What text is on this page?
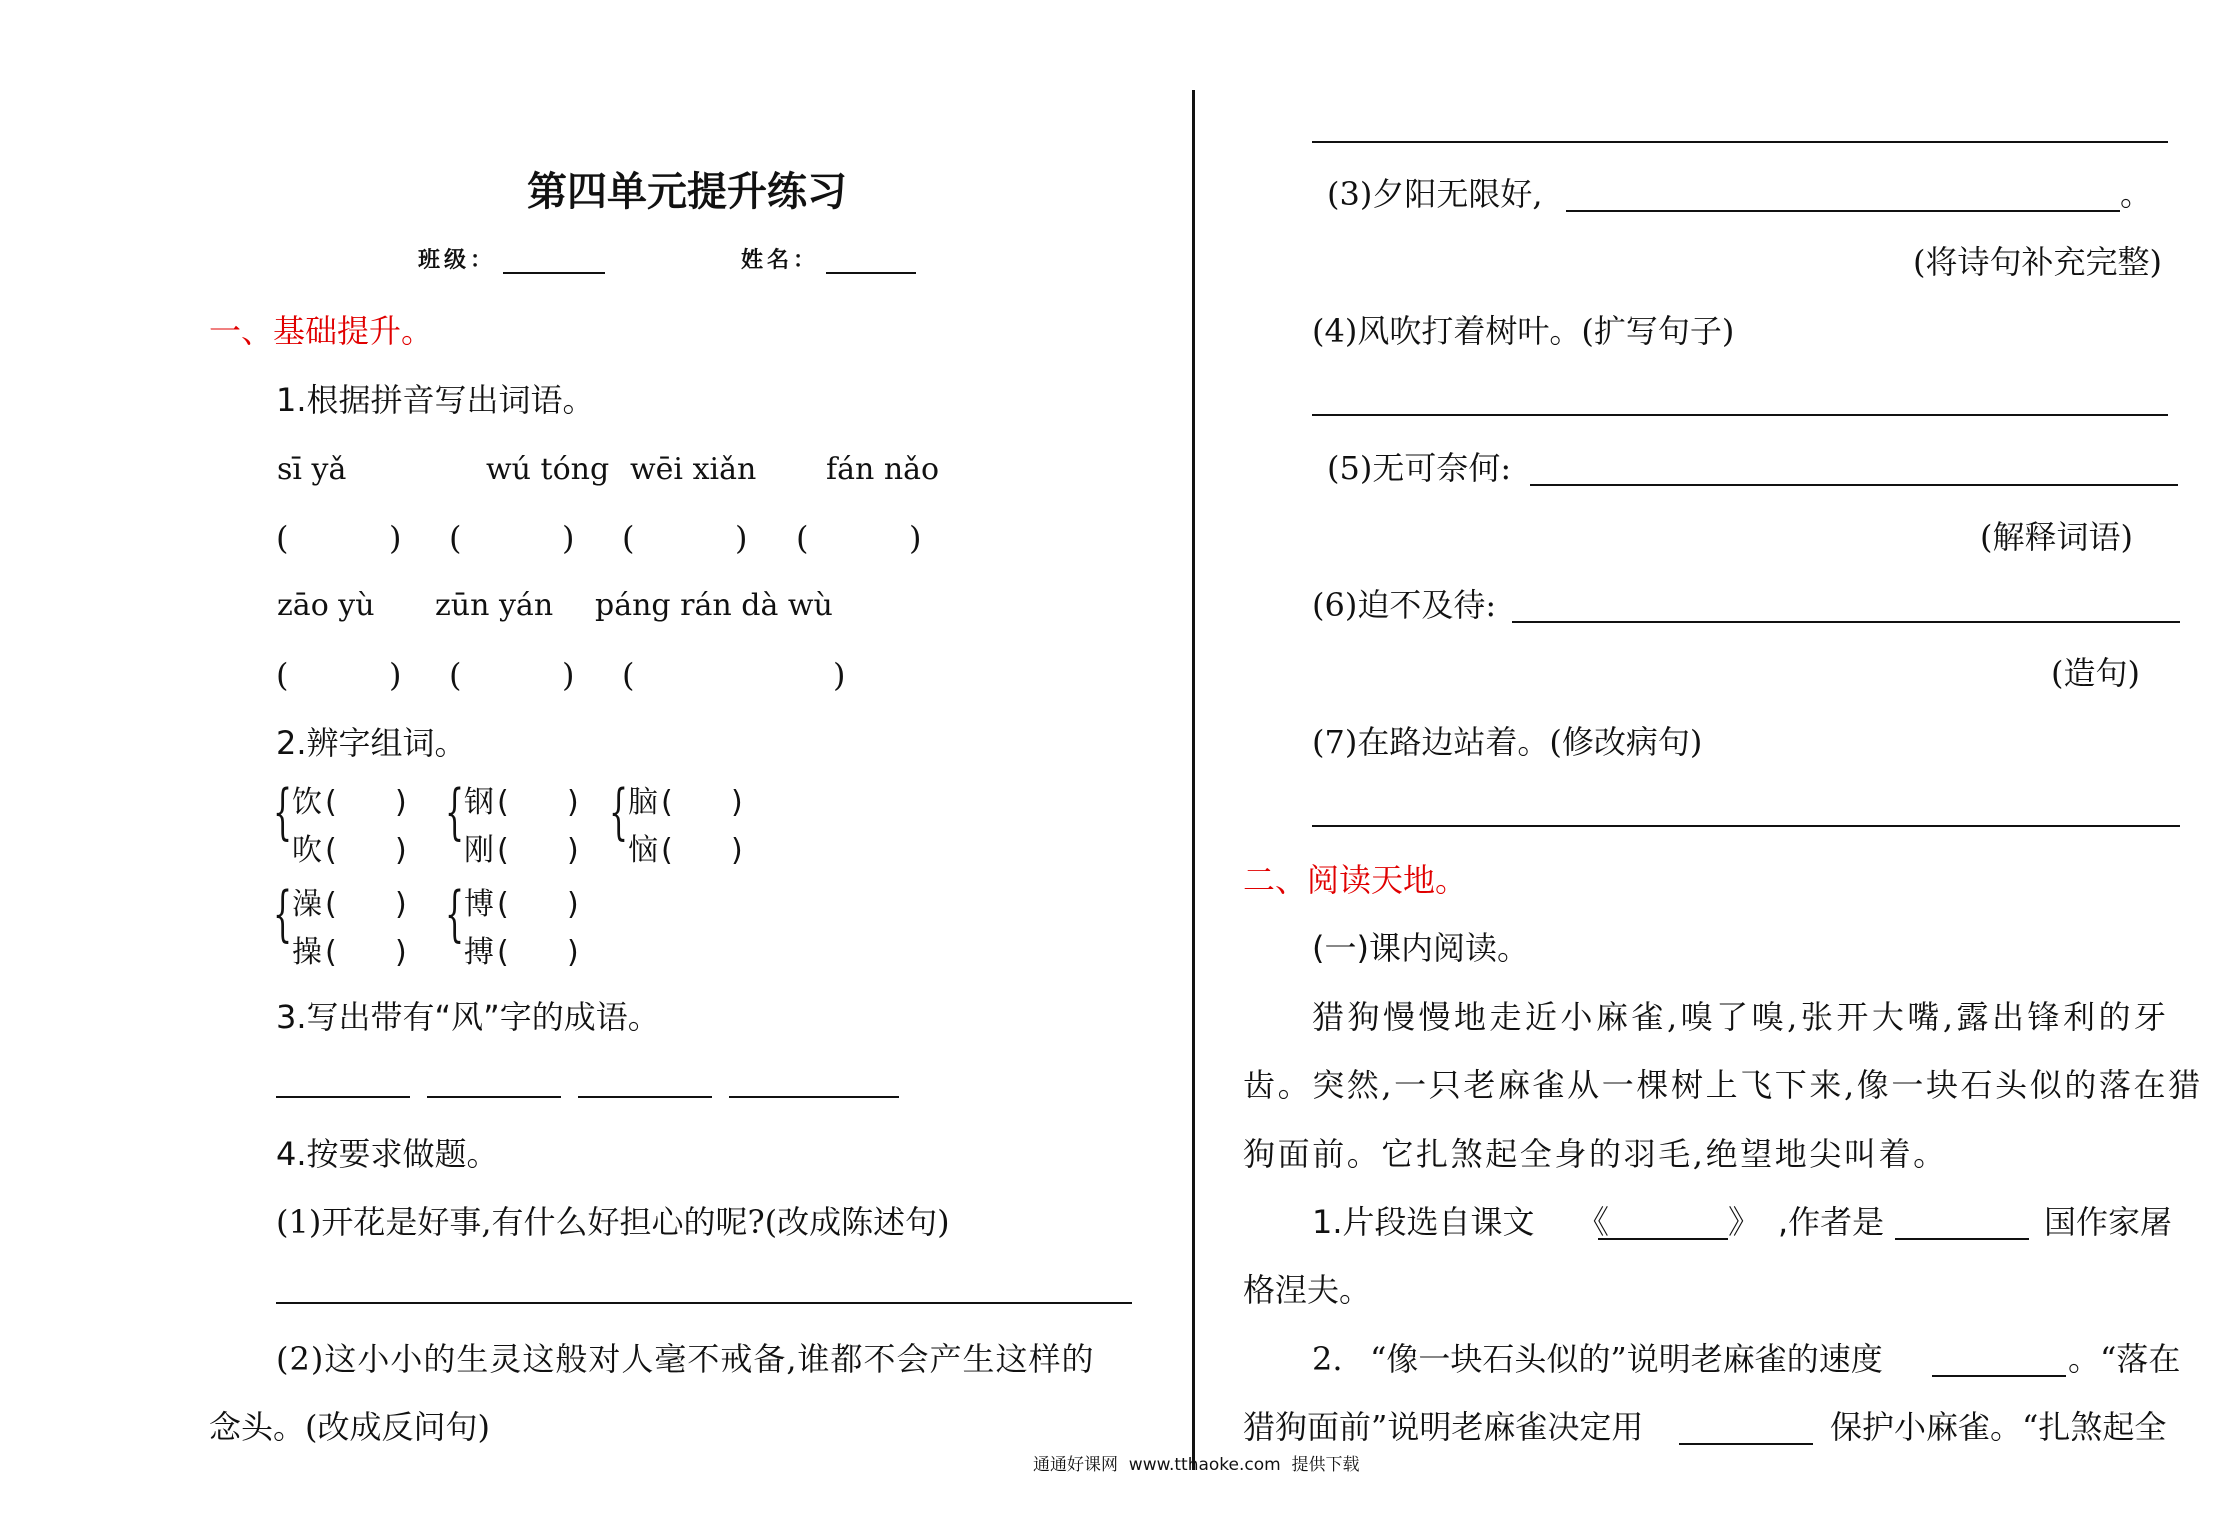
第四单元提升练习
班级：	姓名：
一、基础提升。
1.根据拼音写出词语。
sī yǎ	wú tóng wēi xiǎn fán nǎo
(	) (	) (	) (	)
zāo yù zūn yán páng rán dà wù
(	) (	) (	)
2.辨字组词。
{ 饮 ( )
吹 ( )
{ 钢 ( )
刚 ( )
{ 脑 ( )
恼 ( )
{ 澡 ( )
操 ( )
{ 博 ( )
搏 ( )
3.写出带有“风”字的成语。
4.按要求做题。
(1)开花是好事,有什么好担心的呢?(改成陈述句)
(2)这小小的生灵这般对人毫不戒备,谁都不会产生这样的
念头。(改成反问句)
(3)夕阳无限好,	。
(将诗句补充完整)
(4)风吹打着树叶。(扩写句子)
(5)无可奈何:
(解释词语)
(6)迫不及待:
(造句)
(7)在路边站着。(修改病句)
二、阅读天地。
(一)课内阅读。
猎狗慢慢地走近小麻雀,嗅了嗅,张开大嘴,露出锋利的牙
齿。突然,一只老麻雀从一棵树上飞下来,像一块石头似的落在猎
狗面前。它扎煞起全身的羽毛,绝望地尖叫着。
1.片段选自课文 《	》 ,作者是	国作家屠
格涅夫。
2. “像一块石头似的”说明老麻雀的速度	。“落在
猎狗面前”说明老麻雀决定用	保护小麻雀。“扎煞起全
通通好课网  www.tthaoke.com  提供下载
